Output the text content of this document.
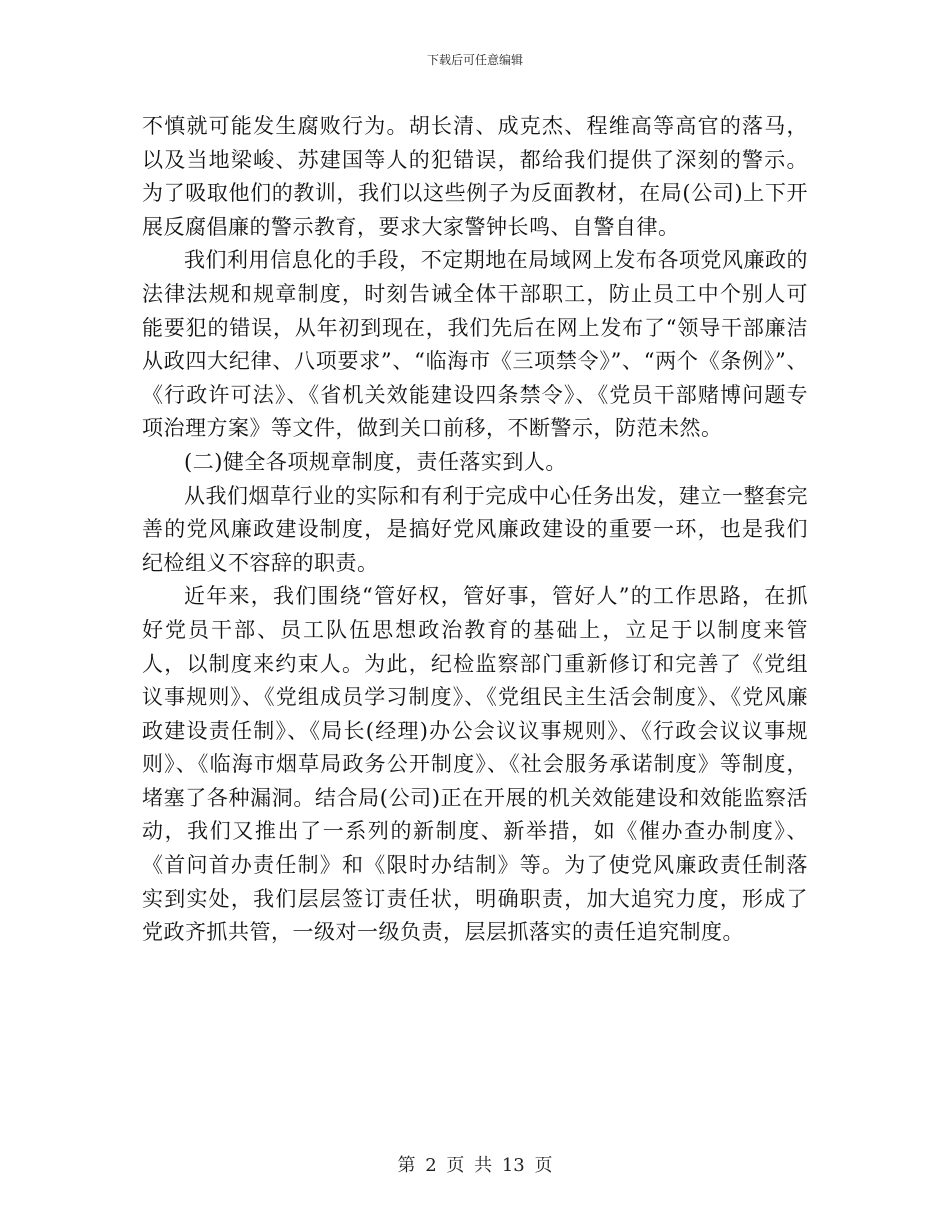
下载后可任意编辑

不慎就可能发生腐败行为。胡长清、成克杰、程维高等高官的落马，以及当地梁峻、苏建国等人的犯错误，都给我们提供了深刻的警示。为了吸取他们的教训，我们以这些例子为反面教材，在局(公司)上下开展反腐倡廉的警示教育，要求大家警钟长鸣、自警自律。

我们利用信息化的手段，不定期地在局域网上发布各项党风廉政的法律法规和规章制度，时刻告诫全体干部职工，防止员工中个别人可能要犯的错误，从年初到现在，我们先后在网上发布了“领导干部廉洁从政四大纪律、八项要求”、“临海市《三项禁令》”、“两个《条例》”、《行政许可法》、《省机关效能建设四条禁令》、《党员干部赌博问题专项治理方案》等文件，做到关口前移，不断警示，防范未然。

(二)健全各项规章制度，责任落实到人。

从我们烟草行业的实际和有利于完成中心任务出发，建立一整套完善的党风廉政建设制度，是搞好党风廉政建设的重要一环，也是我们纪检组义不容辞的职责。

近年来，我们围绕“管好权，管好事，管好人”的工作思路，在抓好党员干部、员工队伍思想政治教育的基础上，立足于以制度来管人，以制度来约束人。为此，纪检监察部门重新修订和完善了《党组议事规则》、《党组成员学习制度》、《党组民主生活会制度》、《党风廉政建设责任制》、《局长(经理)办公会议议事规则》、《行政会议议事规则》、《临海市烟草局政务公开制度》、《社会服务承诺制度》等制度，堵塞了各种漏洞。结合局(公司)正在开展的机关效能建设和效能监察活动，我们又推出了一系列的新制度、新举措，如《催办查办制度》、《首问首办责任制》和《限时办结制》等。为了使党风廉政责任制落实到实处，我们层层签订责任状，明确职责，加大追究力度，形成了党政齐抓共管，一级对一级负责，层层抓落实的责任追究制度。

第 2 页 共 13 页
